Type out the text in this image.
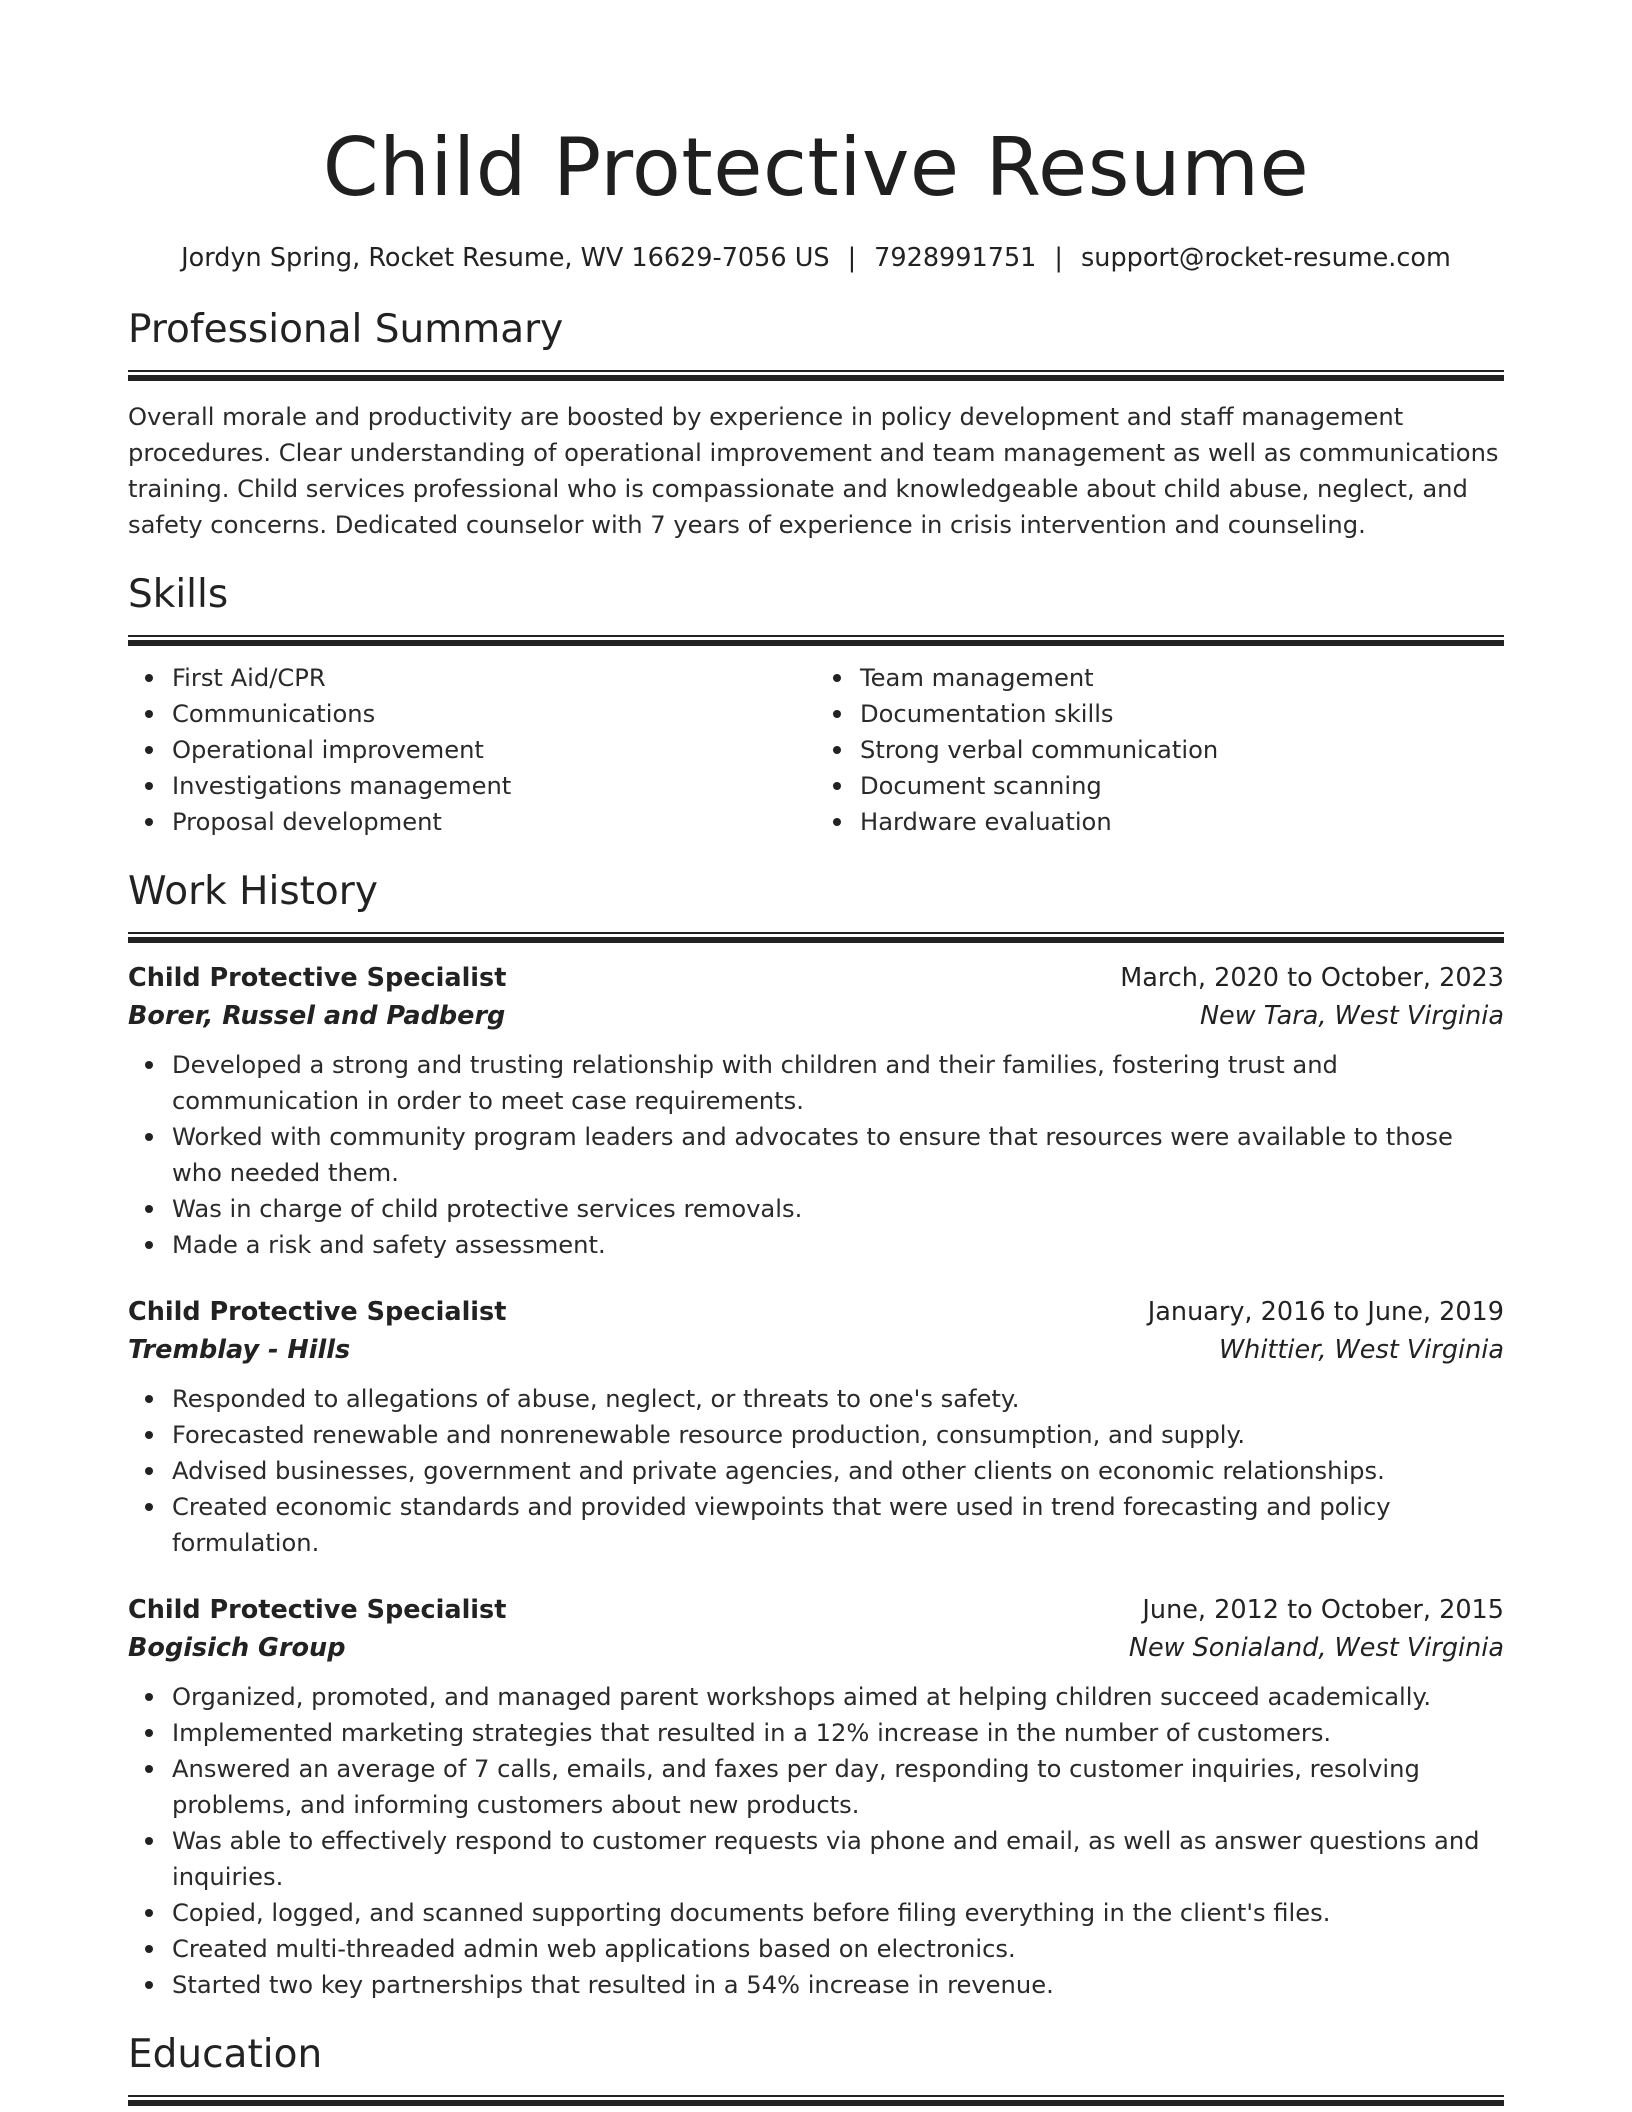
Child Protective Resume
Jordyn Spring, Rocket Resume, WV 16629-7056 US | 7928991751 | support@rocket-resume.com
Professional Summary

Overall morale and productivity are boosted by experience in policy development and staff management procedures. Clear understanding of operational improvement and team management as well as communications training. Child services professional who is compassionate and knowledgeable about child abuse, neglect, and safety concerns. Dedicated counselor with 7 years of experience in crisis intervention and counseling.

Skills
First Aid/CPR
Communications
Operational improvement
Investigations management
Proposal development
Team management
Documentation skills
Strong verbal communication
Document scanning
Hardware evaluation
Work History
Child Protective Specialist	March, 2020 to October, 2023
Borer, Russel and Padberg	New Tara, West Virginia
Developed a strong and trusting relationship with children and their families, fostering trust and communication in order to meet case requirements.
Worked with community program leaders and advocates to ensure that resources were available to those who needed them.
Was in charge of child protective services removals.
Made a risk and safety assessment.
Child Protective Specialist	January, 2016 to June, 2019
Tremblay - Hills	Whittier, West Virginia
Responded to allegations of abuse, neglect, or threats to one's safety.
Forecasted renewable and nonrenewable resource production, consumption, and supply.
Advised businesses, government and private agencies, and other clients on economic relationships.
Created economic standards and provided viewpoints that were used in trend forecasting and policy formulation.
Child Protective Specialist	June, 2012 to October, 2015
Bogisich Group	New Sonialand, West Virginia
Organized, promoted, and managed parent workshops aimed at helping children succeed academically.
Implemented marketing strategies that resulted in a 12% increase in the number of customers.
Answered an average of 7 calls, emails, and faxes per day, responding to customer inquiries, resolving problems, and informing customers about new products.
Was able to effectively respond to customer requests via phone and email, as well as answer questions and inquiries.
Copied, logged, and scanned supporting documents before filing everything in the client's files.
Created multi-threaded admin web applications based on electronics.
Started two key partnerships that resulted in a 54% increase in revenue.
Education
